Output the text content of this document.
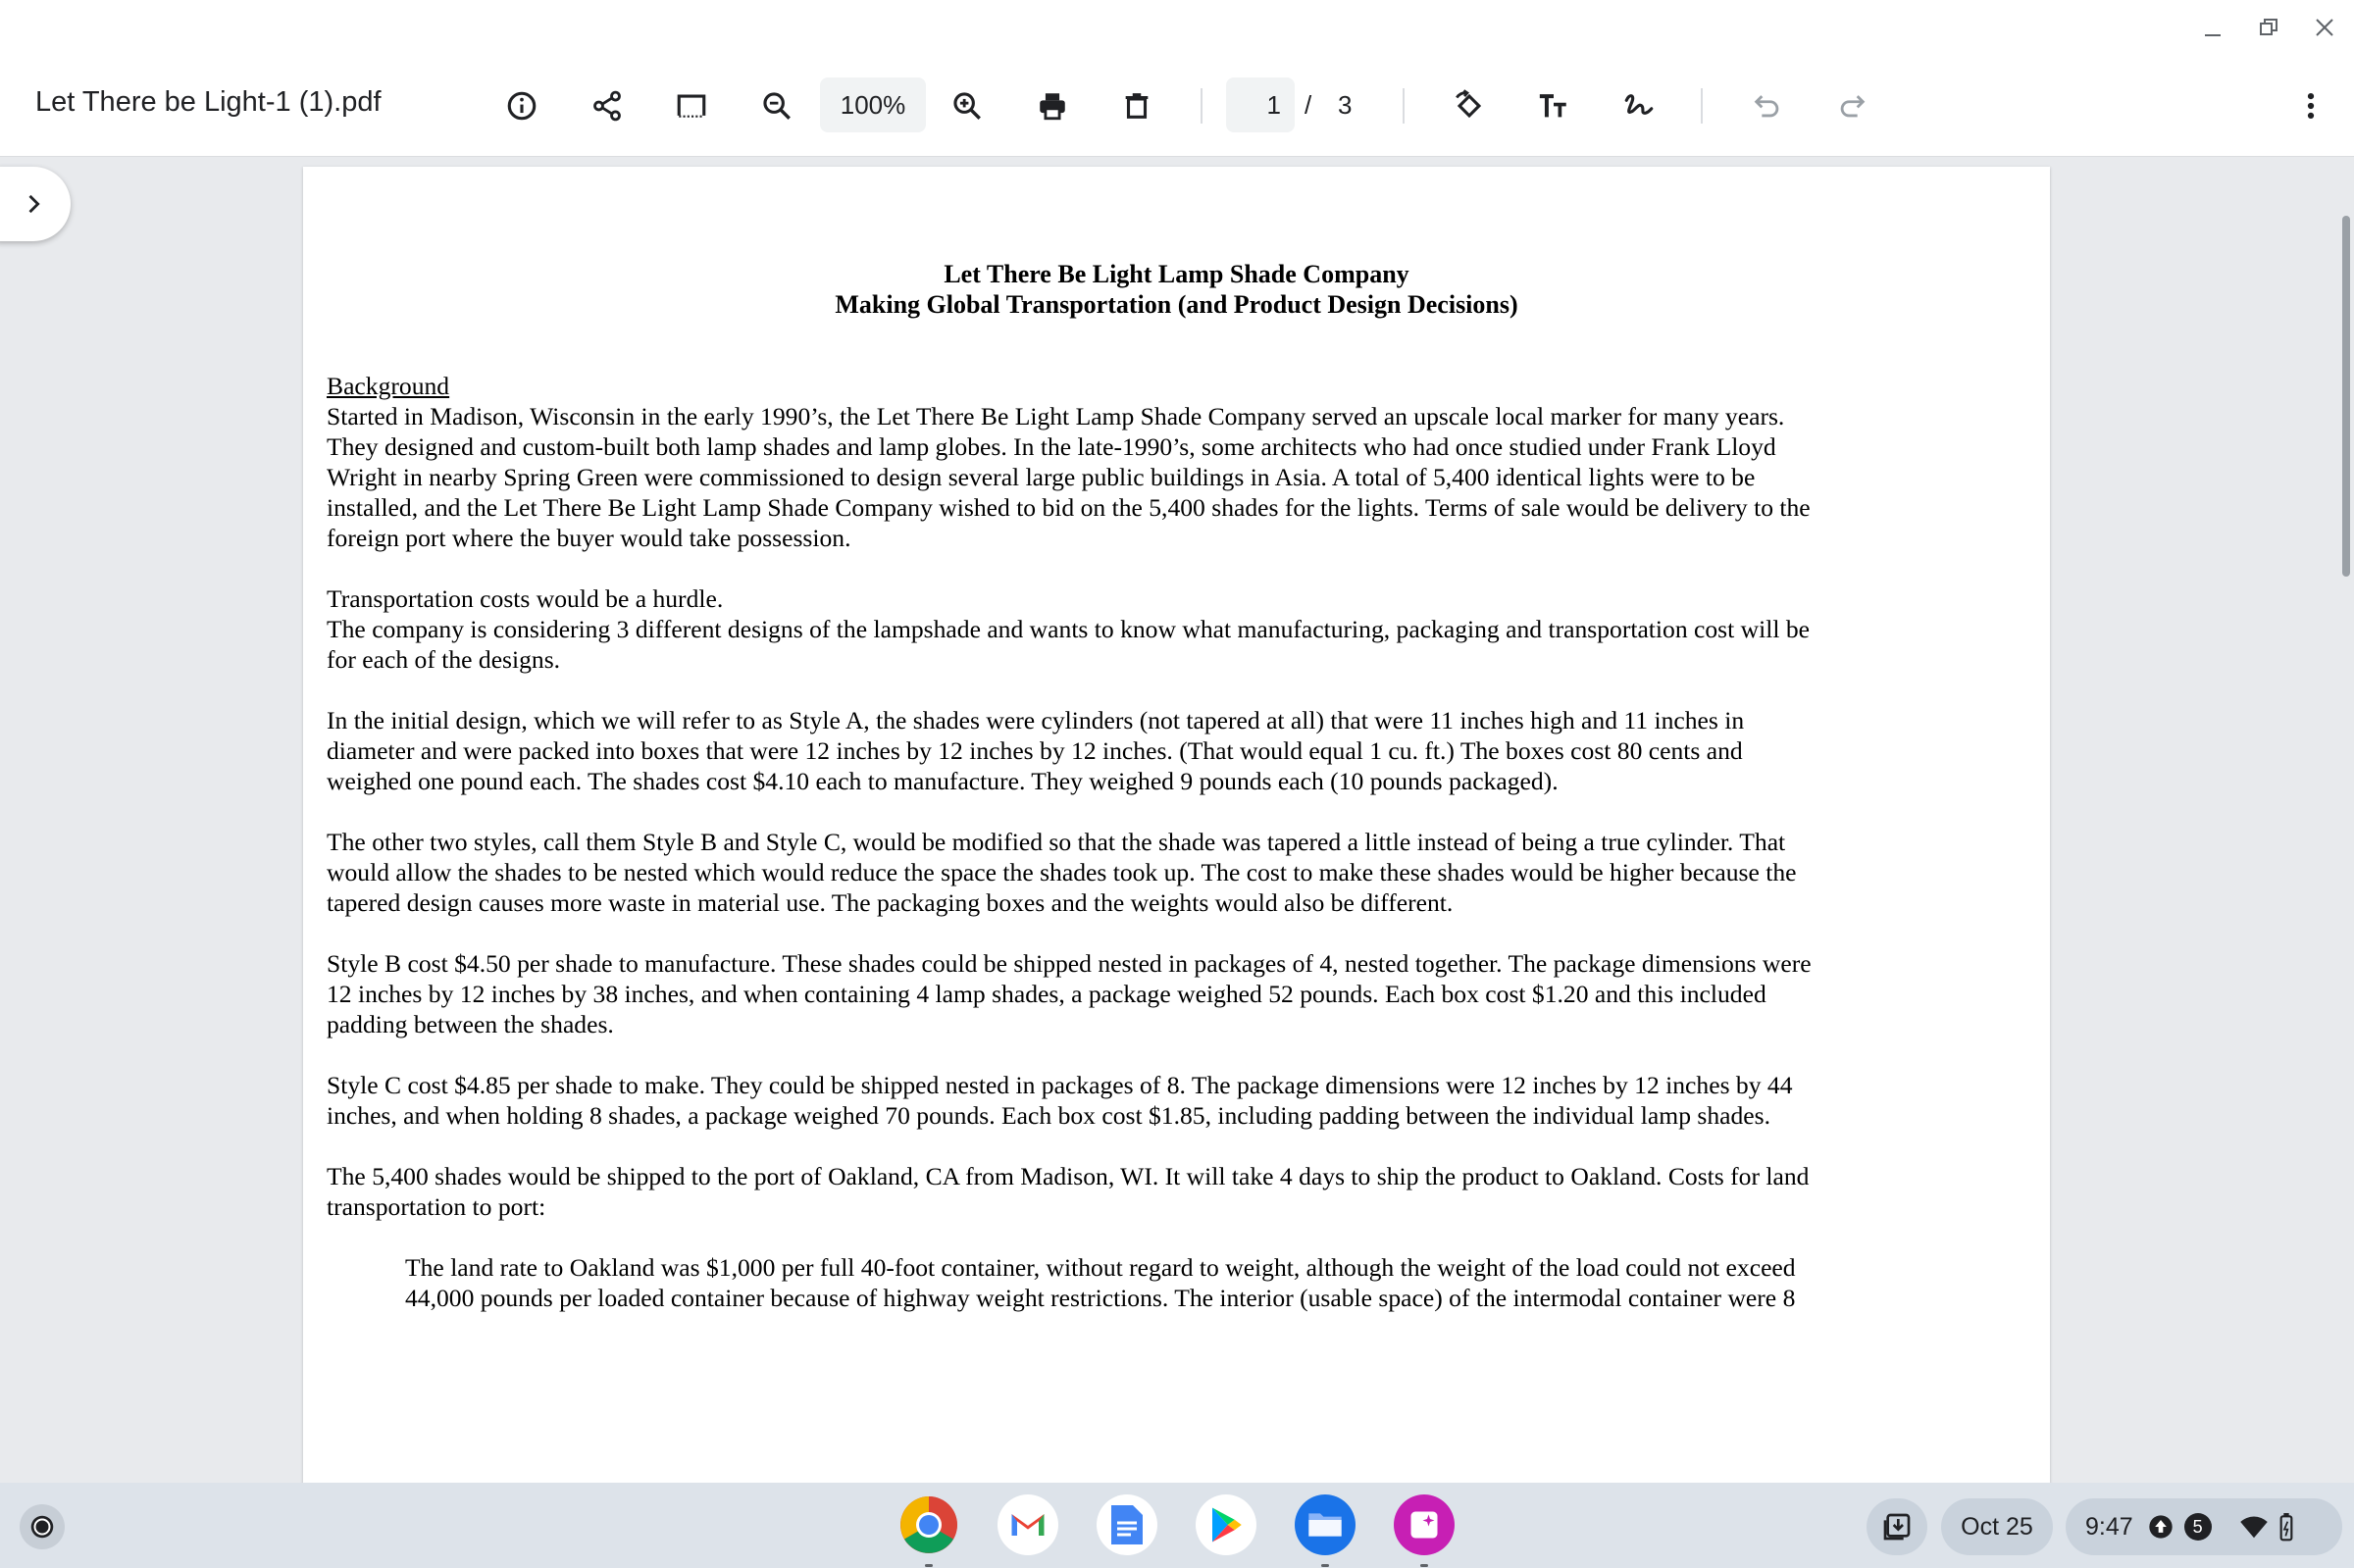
Let There be Light-1 (1).pdf	100%	1 / 3
Let There Be Light Lamp Shade Company
Making Global Transportation (and Product Design Decisions)
Background
Started in Madison, Wisconsin in the early 1990’s, the Let There Be Light Lamp Shade Company served an upscale local marker for many years.
They designed and custom-built both lamp shades and lamp globes. In the late-1990’s, some architects who had once studied under Frank Lloyd
Wright in nearby Spring Green were commissioned to design several large public buildings in Asia. A total of 5,400 identical lights were to be
installed, and the Let There Be Light Lamp Shade Company wished to bid on the 5,400 shades for the lights. Terms of sale would be delivery to the
foreign port where the buyer would take possession.
Transportation costs would be a hurdle.
The company is considering 3 different designs of the lampshade and wants to know what manufacturing, packaging and transportation cost will be
for each of the designs.
In the initial design, which we will refer to as Style A, the shades were cylinders (not tapered at all) that were 11 inches high and 11 inches in
diameter and were packed into boxes that were 12 inches by 12 inches by 12 inches. (That would equal 1 cu. ft.) The boxes cost 80 cents and
weighed one pound each. The shades cost $4.10 each to manufacture. They weighed 9 pounds each (10 pounds packaged).
The other two styles, call them Style B and Style C, would be modified so that the shade was tapered a little instead of being a true cylinder. That
would allow the shades to be nested which would reduce the space the shades took up. The cost to make these shades would be higher because the
tapered design causes more waste in material use. The packaging boxes and the weights would also be different.
Style B cost $4.50 per shade to manufacture. These shades could be shipped nested in packages of 4, nested together. The package dimensions were
12 inches by 12 inches by 38 inches, and when containing 4 lamp shades, a package weighed 52 pounds. Each box cost $1.20 and this included
padding between the shades.
Style C cost $4.85 per shade to make. They could be shipped nested in packages of 8. The package dimensions were 12 inches by 12 inches by 44
inches, and when holding 8 shades, a package weighed 70 pounds. Each box cost $1.85, including padding between the individual lamp shades.
The 5,400 shades would be shipped to the port of Oakland, CA from Madison, WI. It will take 4 days to ship the product to Oakland. Costs for land
transportation to port:
The land rate to Oakland was $1,000 per full 40-foot container, without regard to weight, although the weight of the load could not exceed
44,000 pounds per loaded container because of highway weight restrictions. The interior (usable space) of the intermodal container were 8
Oct 25 9:47	5
